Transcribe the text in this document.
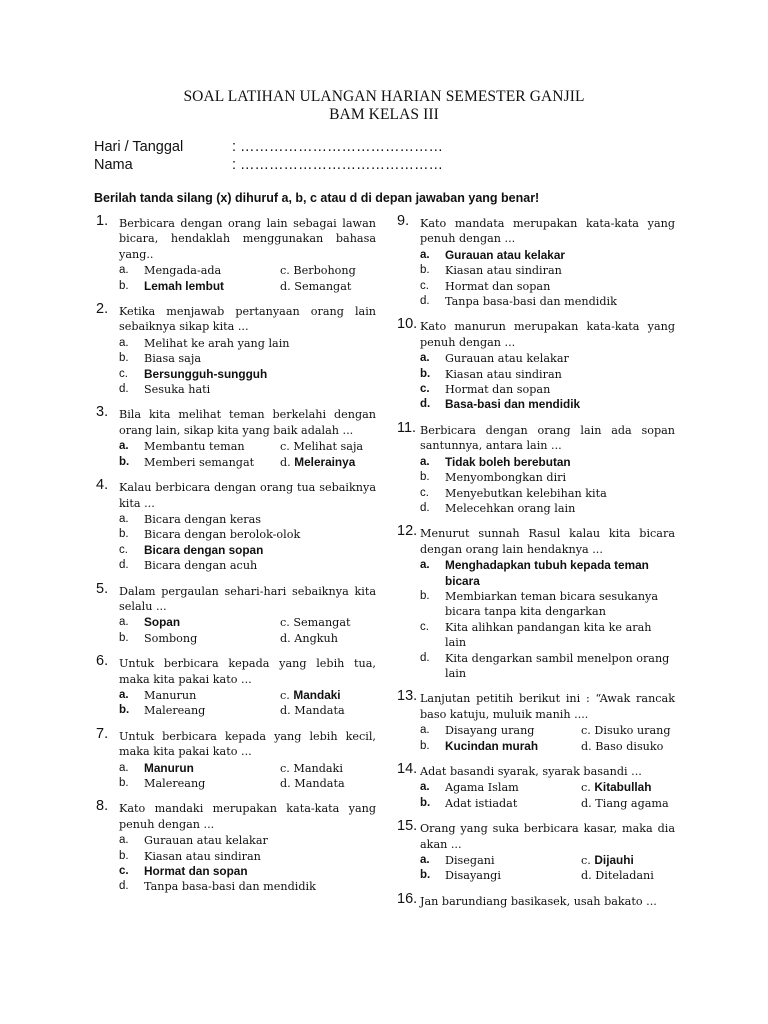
SOAL LATIHAN ULANGAN HARIAN SEMESTER GANJIL
BAM KELAS III
Hari / Tanggal	: ……………………………………
Nama	: ……………………………………
Berilah tanda silang (x) dihuruf a, b, c atau d di depan jawaban yang benar!
1. Berbicara dengan orang lain sebagai lawan bicara, hendaklah menggunakan bahasa yang..
a. Mengada-ada	c. Berbohong
b. Lemah lembut	d. Semangat
2. Ketika menjawab pertanyaan orang lain sebaiknya sikap kita ...
a. Melihat ke arah yang lain
b. Biasa saja
c. Bersungguh-sungguh
d. Sesuka hati
3. Bila kita melihat teman berkelahi dengan orang lain, sikap kita yang baik adalah ...
a. Membantu teman	c. Melihat saja
b. Memberi semangat	d. Melerainya
4. Kalau berbicara dengan orang tua sebaiknya kita ...
a. Bicara dengan keras
b. Bicara dengan berolok-olok
c. Bicara dengan sopan
d. Bicara dengan acuh
5. Dalam pergaulan sehari-hari sebaiknya kita selalu ...
a. Sopan	c. Semangat
b. Sombong	d. Angkuh
6. Untuk berbicara kepada yang lebih tua, maka kita pakai kato ...
a. Manurun	c. Mandaki
b. Malereang	d. Mandata
7. Untuk berbicara kepada yang lebih kecil, maka kita pakai kato ...
a. Manurun	c. Mandaki
b. Malereang	d. Mandata
8. Kato mandaki merupakan kata-kata yang penuh dengan ...
a. Gurauan atau kelakar
b. Kiasan atau sindiran
c. Hormat dan sopan
d. Tanpa basa-basi dan mendidik
9. Kato mandata merupakan kata-kata yang penuh dengan ...
a. Gurauan atau kelakar
b. Kiasan atau sindiran
c. Hormat dan sopan
d. Tanpa basa-basi dan mendidik
10. Kato manurun merupakan kata-kata yang penuh dengan ...
a. Gurauan atau kelakar
b. Kiasan atau sindiran
c. Hormat dan sopan
d. Basa-basi dan mendidik
11. Berbicara dengan orang lain ada sopan santunnya, antara lain ...
a. Tidak boleh berebutan
b. Menyombongkan diri
c. Menyebutkan kelebihan kita
d. Melecehkan orang lain
12. Menurut sunnah Rasul kalau kita bicara dengan orang lain hendaknya ...
a. Menghadapkan tubuh kepada teman bicara
b. Membiarkan teman bicara sesukanya bicara tanpa kita dengarkan
c. Kita alihkan pandangan kita ke arah lain
d. Kita dengarkan sambil menelpon orang lain
13. Lanjutan petitih berikut ini : “Awak rancak baso katuju, muluik manih ....
a. Disayang urang	c. Disuko urang
b. Kucindan murah	d. Baso disuko
14. Adat basandi syarak, syarak basandi ...
a. Agama Islam	c. Kitabullah
b. Adat istiadat	d. Tiang agama
15. Orang yang suka berbicara kasar, maka dia akan ...
a. Disegani	c. Dijauhi
b. Disayangi	d. Diteladani
16. Jan barundiang basikasek, usah bakato ...
